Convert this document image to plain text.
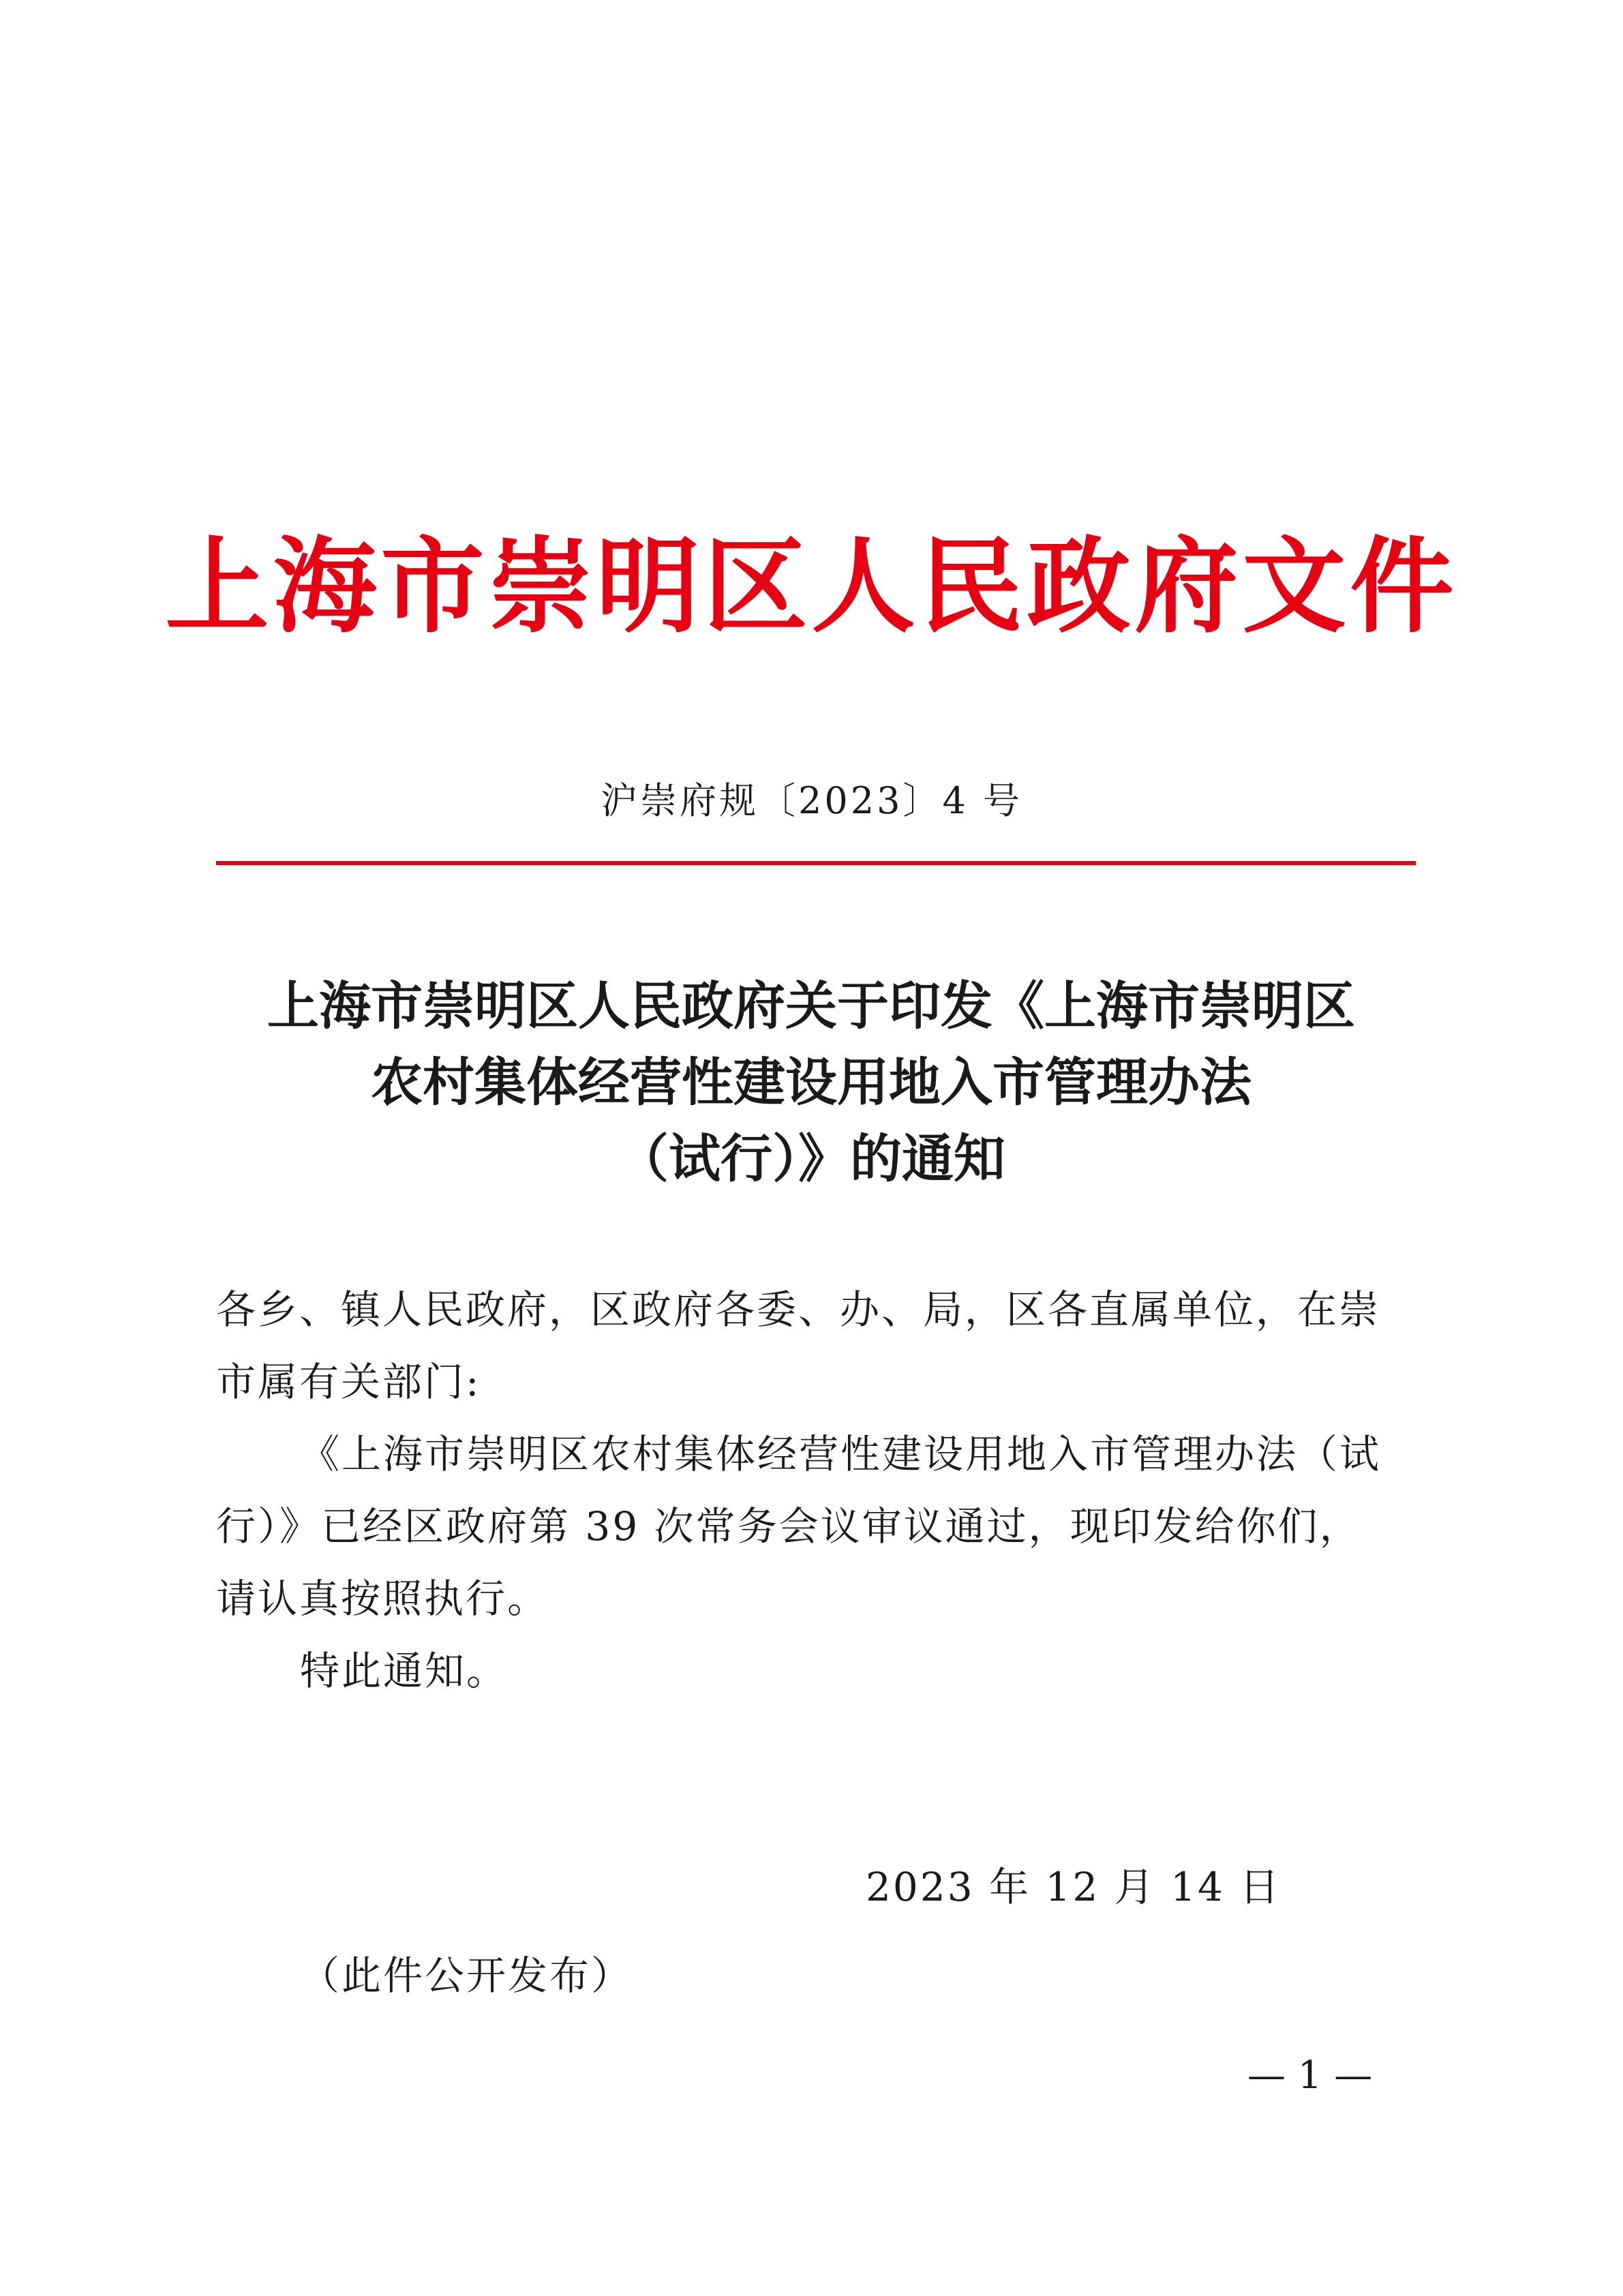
上海市崇明区人民政府文件
沪崇府规〔2023〕4 号
上海市崇明区人民政府关于印发《上海市崇明区
农村集体经营性建设用地入市管理办法
（试行）》的通知
各乡、镇人民政府，区政府各委、办、局，区各直属单位，在崇
市属有关部门:
《上海市崇明区农村集体经营性建设用地入市管理办法（试
行）》已经区政府第 39 次常务会议审议通过，现印发给你们，
请认真按照执行。
特此通知。
2023 年 12 月 14 日
（此件公开发布）
— 1 —
